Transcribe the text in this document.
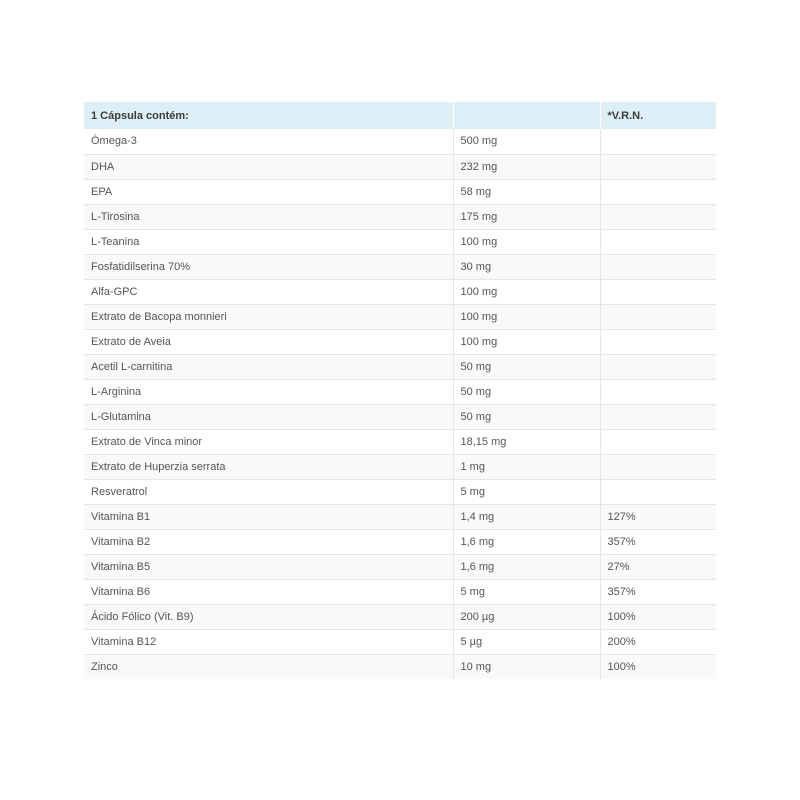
1 Cápsula contém:		*V.R.N.
Ómega-3	500 mg	
DHA	232 mg	
EPA	58 mg	
L-Tirosina	175 mg	
L-Teanina	100 mg	
Fosfatidilserina 70%	30 mg	
Alfa-GPC	100 mg	
Extrato de Bacopa monnieri	100 mg	
Extrato de Aveia	100 mg	
Acetil L-carnitina	50 mg	
L-Arginina	50 mg	
L-Glutamina	50 mg	
Extrato de Vinca minor	18,15 mg	
Extrato de Huperzia serrata	1 mg	
Resveratrol	5 mg	
Vitamina B1	1,4 mg	127%
Vitamina B2	1,6 mg	357%
Vitamina B5	1,6 mg	27%
Vitamina B6	5 mg	357%
Ácido Fólico (Vit. B9)	200 µg	100%
Vitamina B12	5 µg	200%
Zinco	10 mg	100%
